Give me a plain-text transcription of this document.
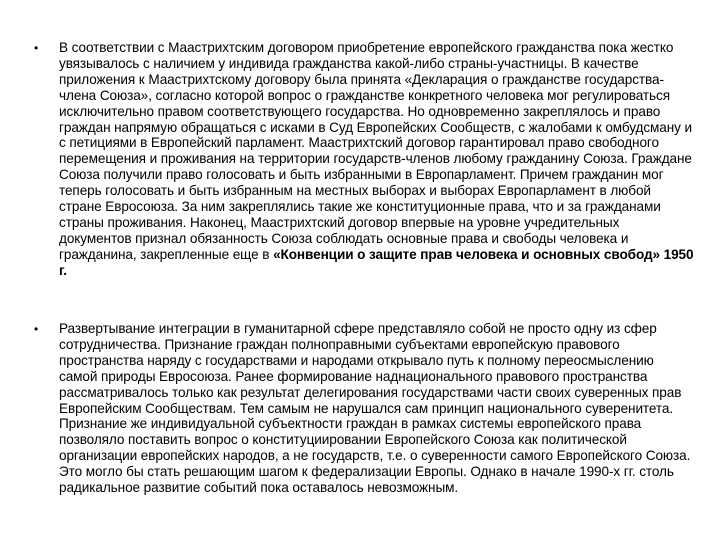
• В соответствии с Маастрихтским договором приобретение европейского гражданства пока жестко увязывалось с наличием у индивида гражданства какой-либо страны-участницы. В качестве приложения к Маастрихтскому договору была принята «Декларация о гражданстве государства-члена Союза», согласно которой вопрос о гражданстве конкретного человека мог регулироваться исключительно правом соответствующего государства. Но одновременно закреплялось и право граждан напрямую обращаться с исками в Суд Европейских Сообществ, с жалобами к омбудсману и с петициями в Европейский парламент. Маастрихтский договор гарантировал право свободного перемещения и проживания на территории государств-членов любому гражданину Союза. Граждане Союза получили право голосовать и быть избранными в Европарламент. Причем гражданин мог теперь голосовать и быть избранным на местных выборах и выборах Европарламент в любой стране Евросоюза. За ним закреплялись такие же конституционные права, что и за гражданами страны проживания. Наконец, Маастрихтский договор впервые на уровне учредительных документов признал обязанность Союза соблюдать основные права и свободы человека и гражданина, закрепленные еще в «Конвенции о защите прав человека и основных свобод» 1950 г.
• Развертывание интеграции в гуманитарной сфере представляло собой не просто одну из сфер сотрудничества. Признание граждан полноправными субъектами европейскую правового пространства наряду с государствами и народами открывало путь к полному переосмыслению самой природы Евросоюза. Ранее формирование наднационального правового пространства рассматривалось только как результат делегирования государствами части своих суверенных прав Европейским Сообществам. Тем самым не нарушался сам принцип национального суверенитета. Признание же индивидуальной субъектности граждан в рамках системы европейского права позволяло поставить вопрос о конституциировании Европейского Союза как политической организации европейских народов, а не государств, т.е. о суверенности самого Европейского Союза. Это могло бы стать решающим шагом к федерализации Европы. Однако в начале 1990-х гг. столь радикальное развитие событий пока оставалось невозможным.
